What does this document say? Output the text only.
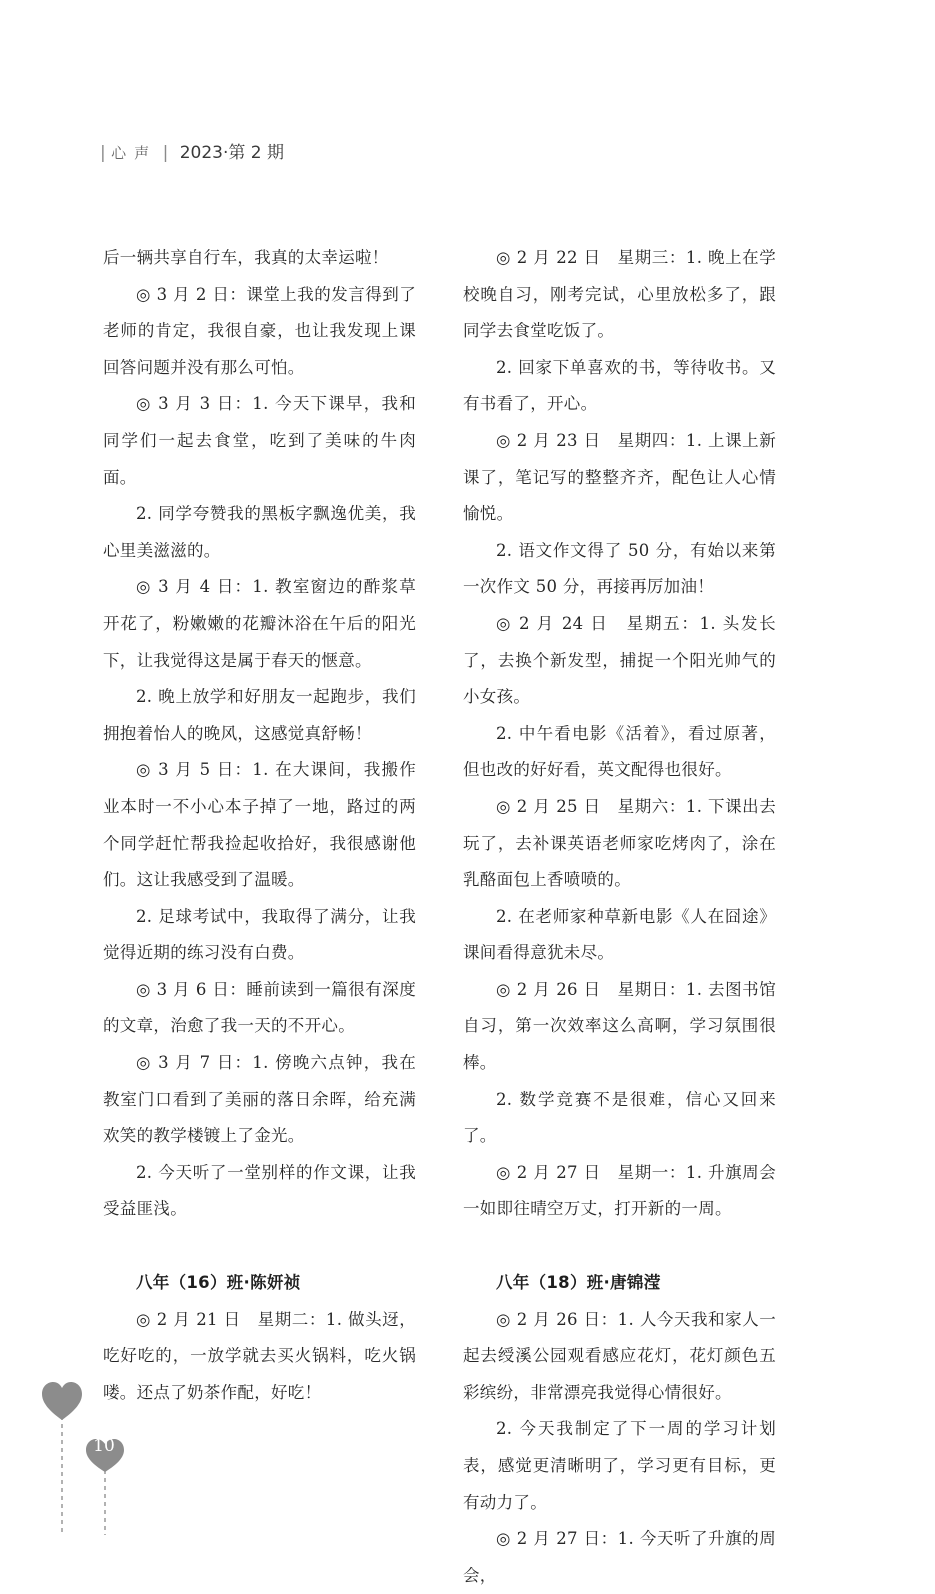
| 心声 | 2023·第 2 期

后一辆共享自行车，我真的太幸运啦！

◎ 3 月 2 日：课堂上我的发言得到了老师的肯定，我很自豪，也让我发现上课回答问题并没有那么可怕。

◎ 3 月 3 日：1. 今天下课早，我和同学们一起去食堂，吃到了美味的牛肉面。

2. 同学夸赞我的黑板字飘逸优美，我心里美滋滋的。

◎ 3 月 4 日：1. 教室窗边的酢浆草开花了，粉嫩嫩的花瓣沐浴在午后的阳光下，让我觉得这是属于春天的惬意。

2. 晚上放学和好朋友一起跑步，我们拥抱着怡人的晚风，这感觉真舒畅！

◎ 3 月 5 日：1. 在大课间，我搬作业本时一不小心本子掉了一地，路过的两个同学赶忙帮我捡起收拾好，我很感谢他们。这让我感受到了温暖。

2. 足球考试中，我取得了满分，让我觉得近期的练习没有白费。

◎ 3 月 6 日：睡前读到一篇很有深度的文章，治愈了我一天的不开心。

◎ 3 月 7 日：1. 傍晚六点钟，我在教室门口看到了美丽的落日余晖，给充满欢笑的教学楼镀上了金光。

2. 今天听了一堂别样的作文课，让我受益匪浅。

八年（16）班·陈妍祯

◎ 2 月 21 日　星期二：1. 做头迓，吃好吃的，一放学就去买火锅料，吃火锅喽。还点了奶茶作配，好吃！

◎ 2 月 22 日　星期三：1. 晚上在学校晚自习，刚考完试，心里放松多了，跟同学去食堂吃饭了。

2. 回家下单喜欢的书，等待收书。又有书看了，开心。

◎ 2 月 23 日　星期四：1. 上课上新课了，笔记写的整整齐齐，配色让人心情愉悦。

2. 语文作文得了 50 分，有始以来第一次作文 50 分，再接再厉加油！

◎ 2 月 24 日　星期五：1. 头发长了，去换个新发型，捕捉一个阳光帅气的小女孩。

2. 中午看电影《活着》，看过原著，但也改的好好看，英文配得也很好。

◎ 2 月 25 日　星期六：1. 下课出去玩了，去补课英语老师家吃烤肉了，涂在乳酪面包上香喷喷的。

2. 在老师家种草新电影《人在囧途》课间看得意犹未尽。

◎ 2 月 26 日　星期日：1. 去图书馆自习，第一次效率这么高啊，学习氛围很棒。

2. 数学竞赛不是很难，信心又回来了。

◎ 2 月 27 日　星期一：1. 升旗周会一如即往晴空万丈，打开新的一周。

八年（18）班·唐锦滢

◎ 2 月 26 日：1. 人今天我和家人一起去绶溪公园观看感应花灯，花灯颜色五彩缤纷，非常漂亮我觉得心情很好。

2. 今天我制定了下一周的学习计划表，感觉更清晰明了，学习更有目标，更有动力了。

◎ 2 月 27 日：1. 今天听了升旗的周会，

10
